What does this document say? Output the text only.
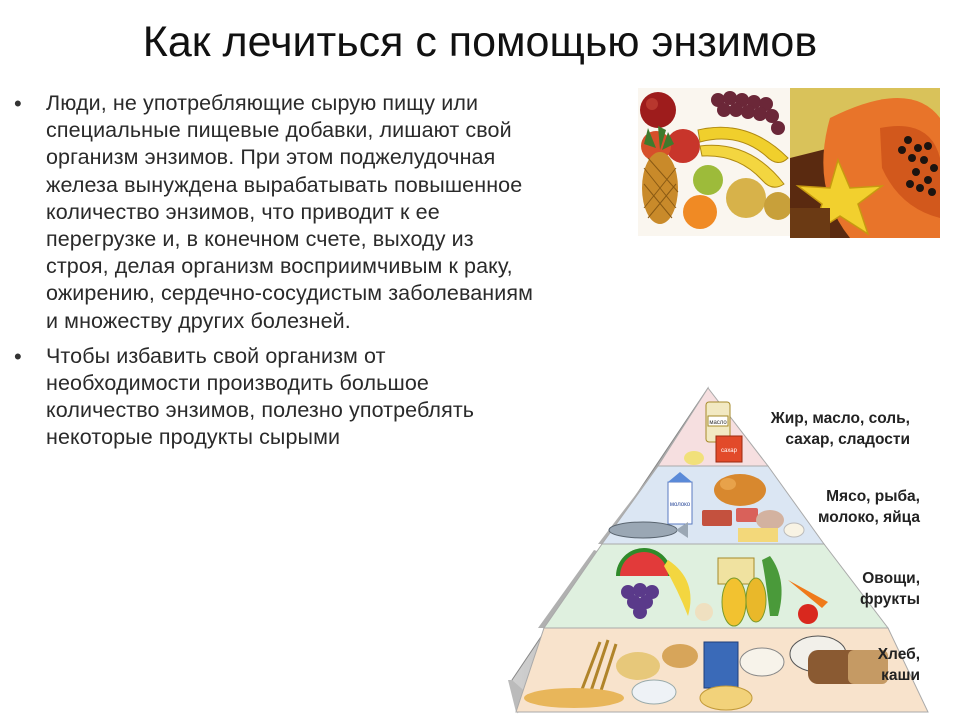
Как лечиться с помощью энзимов
• Люди, не употребляющие сырую пищу или специальные пищевые добавки, лишают свой организм энзимов. При этом поджелудочная железа вынуждена вырабатывать повышенное количество энзимов, что приводит к ее перегрузке и, в конечном счете, выходу из строя, делая организм восприимчивым к раку, ожирению, сердечно-сосудистым заболеваниям и множеству других болезней.
• Чтобы избавить свой организм от необходимости производить большое количество энзимов, полезно употреблять некоторые продукты сырыми
масло
сахар
молоко
Жир, масло, соль,
сахар, сладости
Мясо, рыба,
молоко, яйца
Овощи,
фрукты
Хлеб,
каши
